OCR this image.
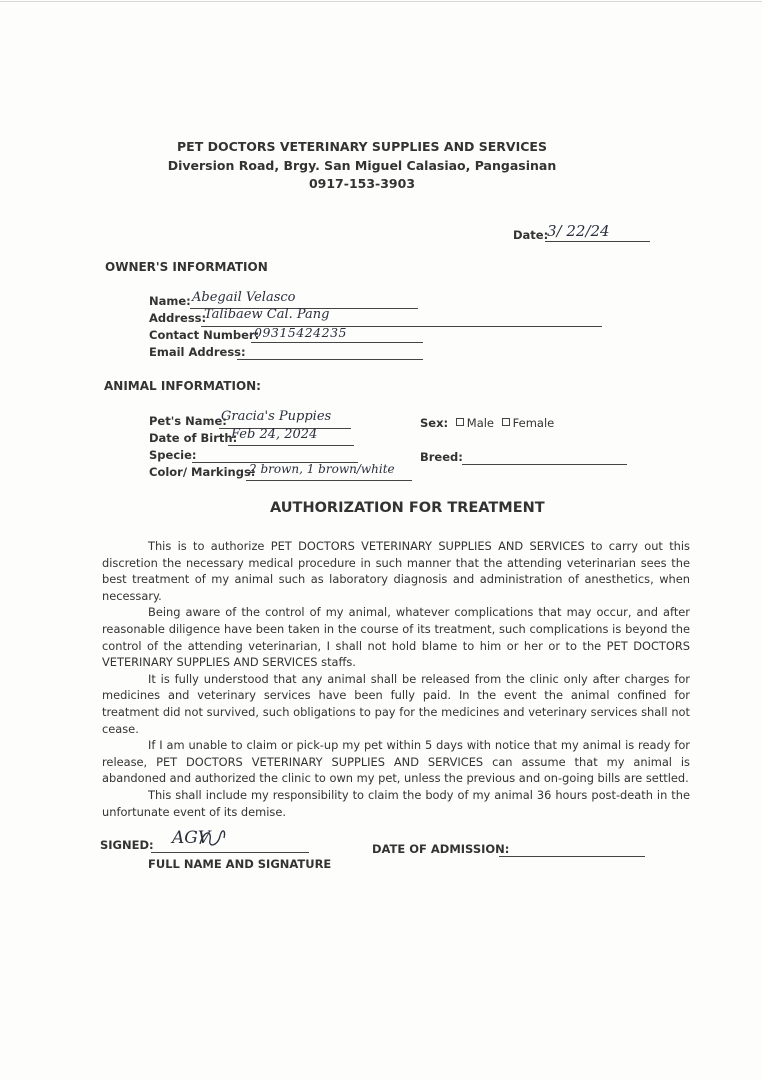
PET DOCTORS VETERINARY SUPPLIES AND SERVICES
Diversion Road, Brgy. San Miguel Calasiao, Pangasinan
0917-153-3903
Date:
3/ 22/24
OWNER'S INFORMATION
Name: Abegail Velasco
Address:
Talibaew Cal. Pang
Contact Number:
09315424235
Email Address:
ANIMAL INFORMATION:
Pet's Name:
Gracia's Puppies
Date of Birth:
Feb 24, 2024
Specie:
Color/ Markings:
2 brown, 1 brown/white
Sex: Male Female
Breed:
AUTHORIZATION FOR TREATMENT

This is to authorize PET DOCTORS VETERINARY SUPPLIES AND SERVICES to carry out this discretion the necessary medical procedure in such manner that the attending veterinarian sees the best treatment of my animal such as laboratory diagnosis and administration of anesthetics, when necessary.

Being aware of the control of my animal, whatever complications that may occur, and after reasonable diligence have been taken in the course of its treatment, such complications is beyond the control of the attending veterinarian, I shall not hold blame to him or her or to the PET DOCTORS VETERINARY SUPPLIES AND SERVICES staffs.

It is fully understood that any animal shall be released from the clinic only after charges for medicines and veterinary services have been fully paid. In the event the animal confined for treatment did not survived, such obligations to pay for the medicines and veterinary services shall not cease.

If I am unable to claim or pick-up my pet within 5 days with notice that my animal is ready for release, PET DOCTORS VETERINARY SUPPLIES AND SERVICES can assume that my animal is abandoned and authorized the clinic to own my pet, unless the previous and on-going bills are settled.

This shall include my responsibility to claim the body of my animal 36 hours post-death in the unfortunate event of its demise.

SIGNED: AGV
FULL NAME AND SIGNATURE
DATE OF ADMISSION:
